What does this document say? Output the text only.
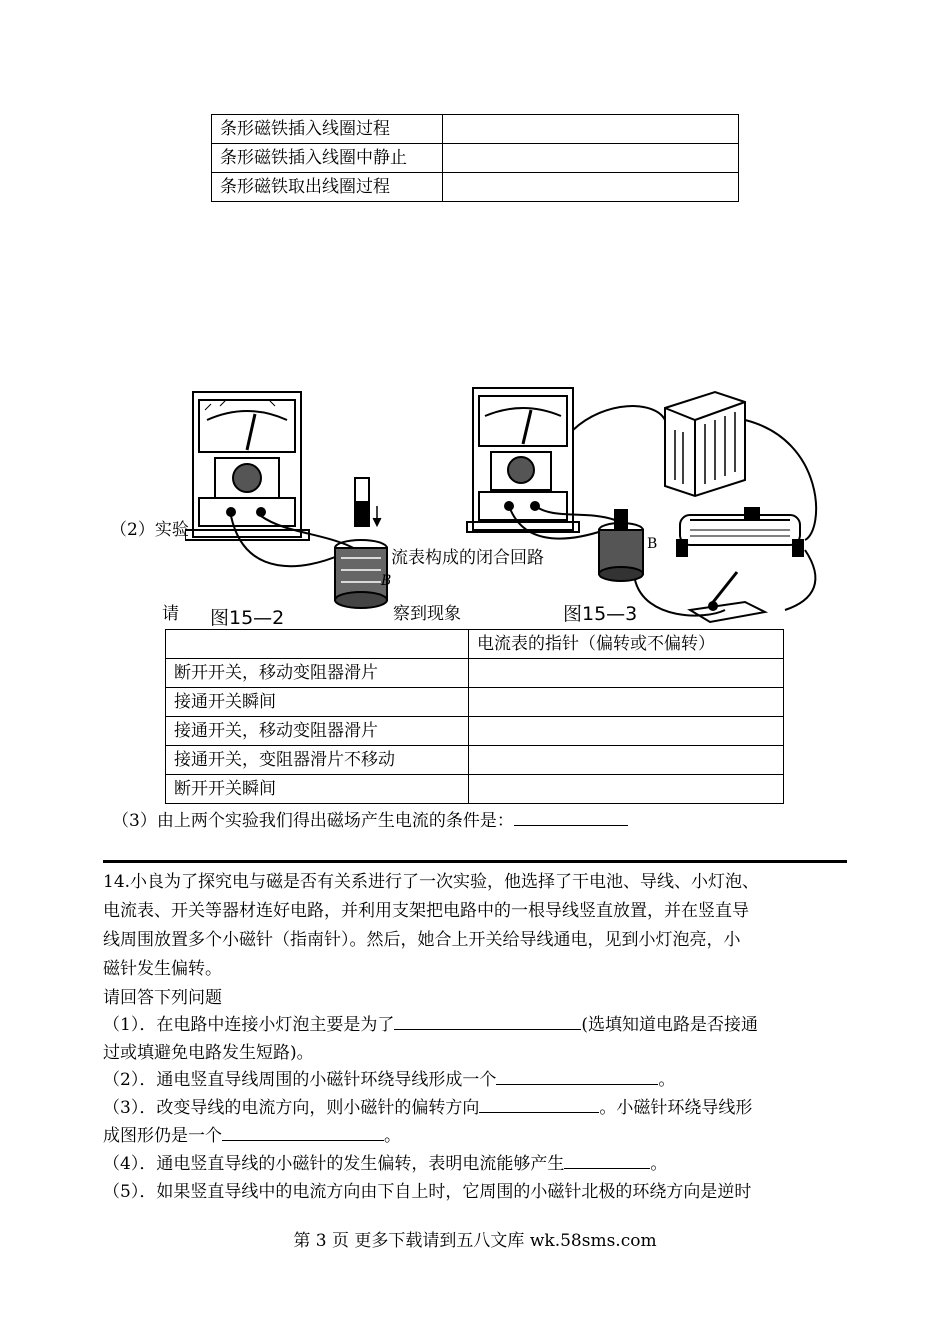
条形磁铁插入线圈过程	
条形磁铁插入线圈中静止	
条形磁铁取出线圈过程	
（2）实验
流表构成的闭合回路
请	察到现象
B
B
图15—2	图15—3
	电流表的指针（偏转或不偏转）
断开开关，移动变阻器滑片	
接通开关瞬间	
接通开关，移动变阻器滑片	
接通开关，变阻器滑片不移动	
断开开关瞬间	
（3）由上两个实验我们得出磁场产生电流的条件是：
14.小良为了探究电与磁是否有关系进行了一次实验，他选择了干电池、导线、小灯泡、
电流表、开关等器材连好电路，并利用支架把电路中的一根导线竖直放置，并在竖直导
线周围放置多个小磁针（指南针）。然后，她合上开关给导线通电，见到小灯泡亮，小
磁针发生偏转。
请回答下列问题
（1）．在电路中连接小灯泡主要是为了	(选填知道电路是否接通
过或填避免电路发生短路)。
（2）．通电竖直导线周围的小磁针环绕导线形成一个	。
（3）．改变导线的电流方向，则小磁针的偏转方向	。小磁针环绕导线形
成图形仍是一个	。
（4）．通电竖直导线的小磁针的发生偏转，表明电流能够产生	。
（5）．如果竖直导线中的电流方向由下自上时，它周围的小磁针北极的环绕方向是逆时
第 3 页 更多下载请到五八文库 wk.58sms.com
